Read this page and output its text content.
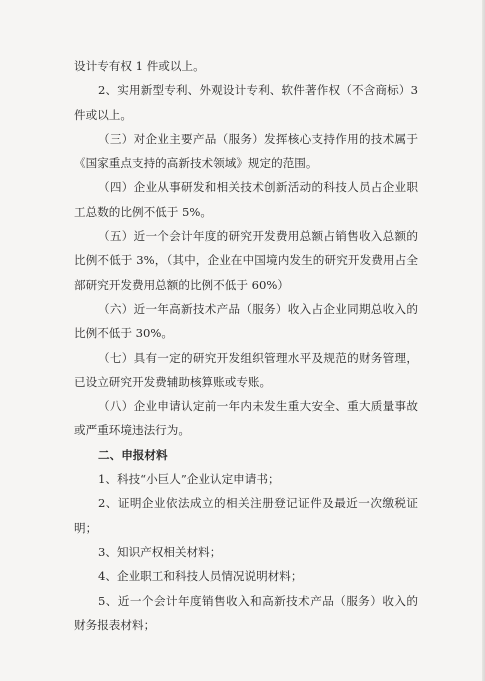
设计专有权 1 件或以上。

2、实用新型专利、外观设计专利、软件著作权（不含商标）3 件或以上。

（三）对企业主要产品（服务）发挥核心支持作用的技术属于《国家重点支持的高新技术领域》规定的范围。

（四）企业从事研发和相关技术创新活动的科技人员占企业职工总数的比例不低于 5%。

（五）近一个会计年度的研究开发费用总额占销售收入总额的比例不低于 3%，（其中，企业在中国境内发生的研究开发费用占全部研究开发费用总额的比例不低于 60%）

（六）近一年高新技术产品（服务）收入占企业同期总收入的比例不低于 30%。

（七）具有一定的研究开发组织管理水平及规范的财务管理，已设立研究开发费辅助核算账或专账。

（八）企业申请认定前一年内未发生重大安全、重大质量事故或严重环境违法行为。

二、申报材料

1、科技“小巨人”企业认定申请书；

2、证明企业依法成立的相关注册登记证件及最近一次缴税证明；

3、知识产权相关材料；

4、企业职工和科技人员情况说明材料；

5、近一个会计年度销售收入和高新技术产品（服务）收入的财务报表材料；
